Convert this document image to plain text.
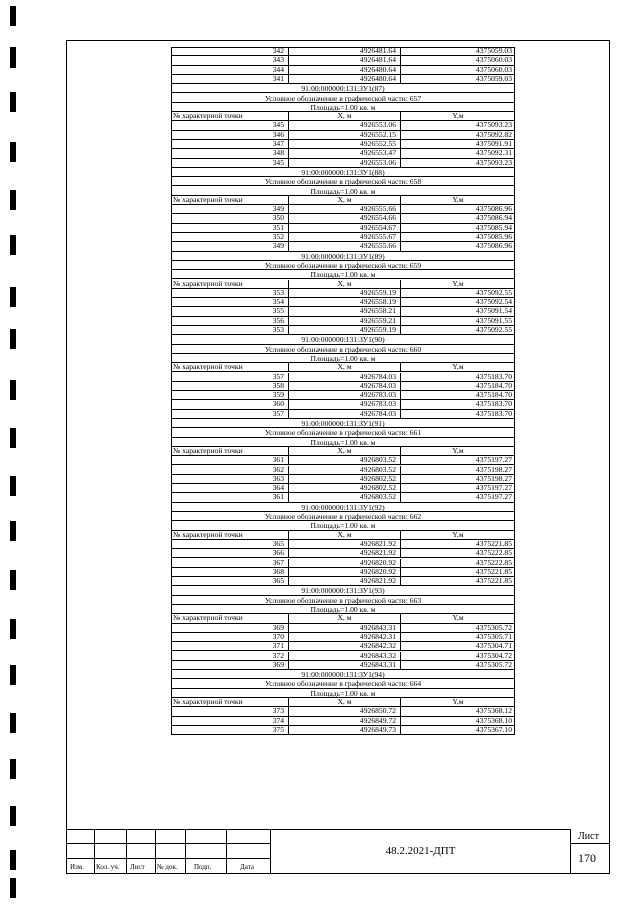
342	4926481.64	4375059.03
343	4926481.64	4375060.03
344	4926480.64	4375060.03
341	4926480.64	4375059.03
91:00:000000:131:ЗУ1(87)
Условное обозначение в графической части: 657
Площадь=1.00 кв. м
№ характерной точки	X, м	Y,м
345	4926553.06	4375093.23
346	4926552.15	4375092.82
347	4926552.55	4375091.91
348	4926553.47	4375092.31
345	4926553.06	4375093.23
91:00:000000:131:ЗУ1(88)
Условное обозначение в графической части: 658
Площадь=1.00 кв. м
№ характерной точки	X, м	Y,м
349	4926555.66	4375086.96
350	4926554.66	4375086.94
351	4926554.67	4375085.94
352	4926555.67	4375085.96
349	4926555.66	4375086.96
91:00:000000:131:ЗУ1(89)
Условное обозначение в графической части: 659
Площадь=1.00 кв. м
№ характерной точки	X, м	Y,м
353	4926559.19	4375092.55
354	4926558.19	4375092.54
355	4926558.21	4375091.54
356	4926559.21	4375091.55
353	4926559.19	4375092.55
91:00:000000:131:ЗУ1(90)
Условное обозначение в графической части: 660
Площадь=1.00 кв. м
№ характерной точки	X, м	Y,м
357	4926784.03	4375183.70
358	4926784.03	4375184.70
359	4926783.03	4375184.70
360	4926783.03	4375183.70
357	4926784.03	4375183.70
91:00:000000:131:ЗУ1(91)
Условное обозначение в графической части: 661
Площадь=1.00 кв. м
№ характерной точки	X, м	Y,м
361	4926803.52	4375197.27
362	4926803.52	4375198.27
363	4926802.52	4375198.27
364	4926802.52	4375197.27
361	4926803.52	4375197.27
91:00:000000:131:ЗУ1(92)
Условное обозначение в графической части: 662
Площадь=1.00 кв. м
№ характерной точки	X, м	Y,м
365	4926821.92	4375221.85
366	4926821.92	4375222.85
367	4926820.92	4375222.85
368	4926820.92	4375221.85
365	4926821.92	4375221.85
91:00:000000:131:ЗУ1(93)
Условное обозначение в графической части: 663
Площадь=1.00 кв. м
№ характерной точки	X, м	Y,м
369	4926843.31	4375305.72
370	4926842.31	4375305.71
371	4926842.32	4375304.71
372	4926843.32	4375304.72
369	4926843.31	4375305.72
91:00:000000:131:ЗУ1(94)
Условное обозначение в графической части: 664
Площадь=1.00 кв. м
№ характерной точки	X, м	Y,м
373	4926850.72	4375368.12
374	4926849.72	4375368.10
375	4926849.73	4375367.10
Изм. Кол. уч. Лист № док. Подп.	Дата
48.2.2021-ДПТ
Лист
170
